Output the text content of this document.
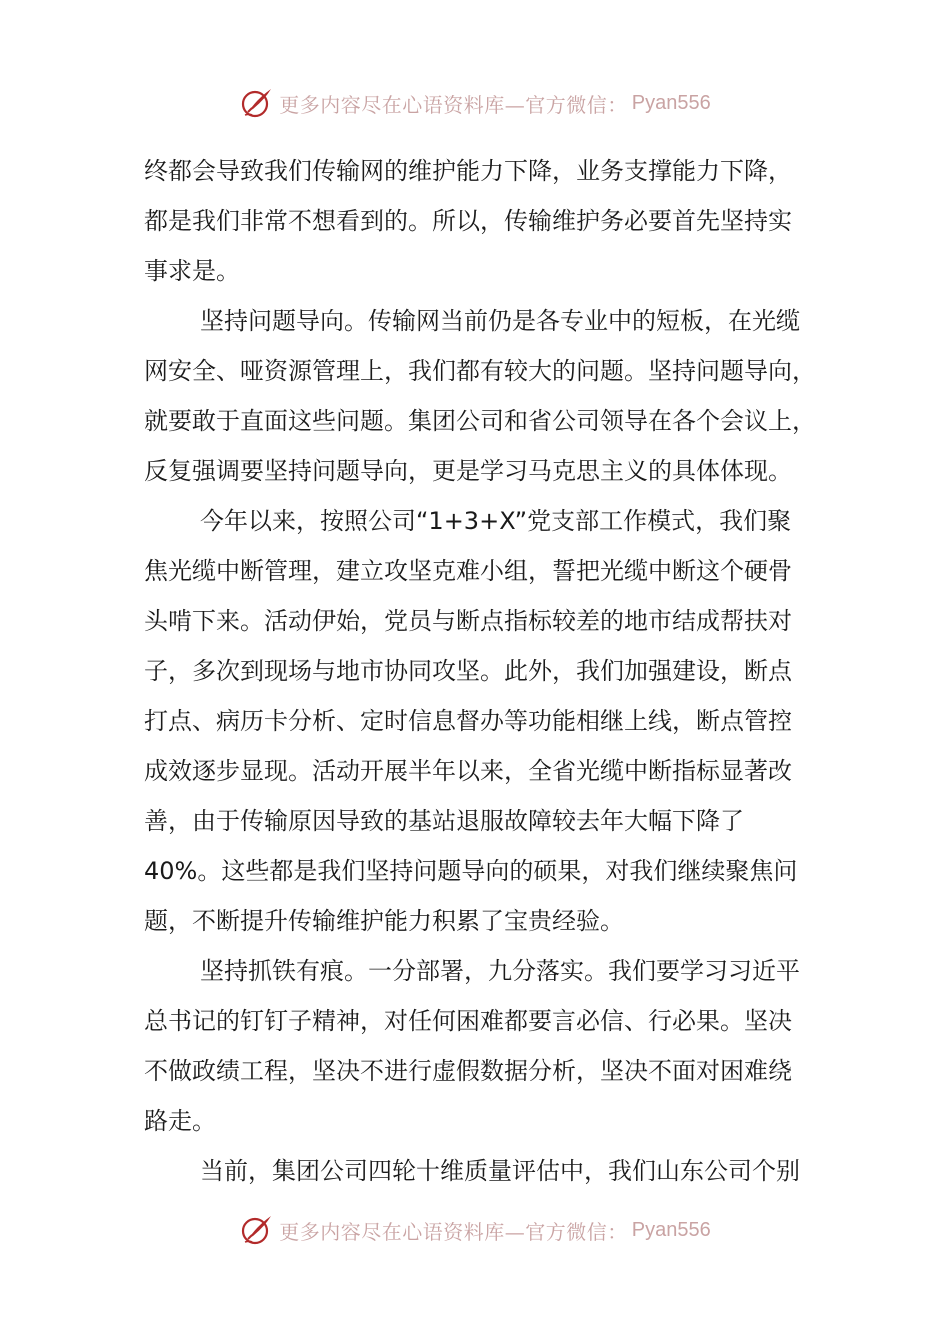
更多内容尽在心语资料库—官方微信： Pyan556
终都会导致我们传输网的维护能力下降，业务支撑能力下降，
都是我们非常不想看到的。所以，传输维护务必要首先坚持实
事求是。
坚持问题导向。传输网当前仍是各专业中的短板，在光缆
网安全、哑资源管理上，我们都有较大的问题。坚持问题导向，
就要敢于直面这些问题。集团公司和省公司领导在各个会议上，
反复强调要坚持问题导向，更是学习马克思主义的具体体现。
今年以来，按照公司“1+3+X”党支部工作模式，我们聚
焦光缆中断管理，建立攻坚克难小组，誓把光缆中断这个硬骨
头啃下来。活动伊始，党员与断点指标较差的地市结成帮扶对
子，多次到现场与地市协同攻坚。此外，我们加强建设，断点
打点、病历卡分析、定时信息督办等功能相继上线，断点管控
成效逐步显现。活动开展半年以来，全省光缆中断指标显著改
善，由于传输原因导致的基站退服故障较去年大幅下降了
40%。这些都是我们坚持问题导向的硕果，对我们继续聚焦问
题，不断提升传输维护能力积累了宝贵经验。
坚持抓铁有痕。一分部署，九分落实。我们要学习习近平
总书记的钉钉子精神，对任何困难都要言必信、行必果。坚决
不做政绩工程，坚决不进行虚假数据分析，坚决不面对困难绕
路走。
当前，集团公司四轮十维质量评估中，我们山东公司个别
更多内容尽在心语资料库—官方微信： Pyan556
